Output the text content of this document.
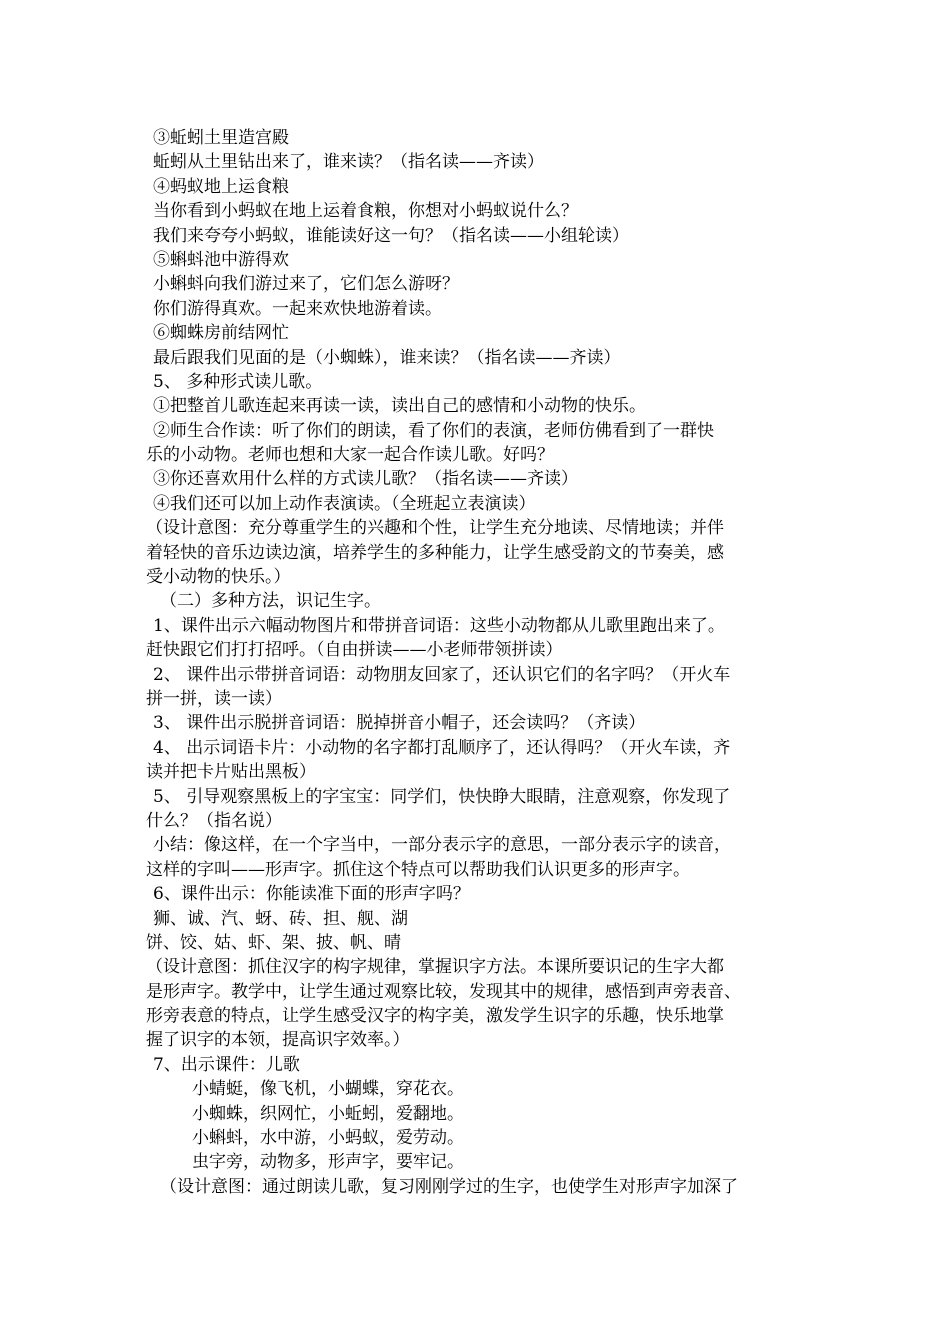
③蚯蚓土里造宫殿
蚯蚓从土里钻出来了，谁来读？（指名读——齐读）
④蚂蚁地上运食粮
当你看到小蚂蚁在地上运着食粮，你想对小蚂蚁说什么？
我们来夸夸小蚂蚁，谁能读好这一句？（指名读——小组轮读）
⑤蝌蚪池中游得欢
小蝌蚪向我们游过来了，它们怎么游呀？
你们游得真欢。一起来欢快地游着读。
⑥蜘蛛房前结网忙
最后跟我们见面的是（小蜘蛛），谁来读？（指名读——齐读）
5、 多种形式读儿歌。
①把整首儿歌连起来再读一读，读出自己的感情和小动物的快乐。
②师生合作读：听了你们的朗读，看了你们的表演，老师仿佛看到了一群快
乐的小动物。老师也想和大家一起合作读儿歌。好吗？
③你还喜欢用什么样的方式读儿歌？（指名读——齐读）
④我们还可以加上动作表演读。（全班起立表演读）
（设计意图：充分尊重学生的兴趣和个性，让学生充分地读、尽情地读；并伴
着轻快的音乐边读边演，培养学生的多种能力，让学生感受韵文的节奏美，感
受小动物的快乐。）
（二）多种方法，识记生字。
1、课件出示六幅动物图片和带拼音词语：这些小动物都从儿歌里跑出来了。
赶快跟它们打打招呼。（自由拼读——小老师带领拼读）
2、 课件出示带拼音词语：动物朋友回家了，还认识它们的名字吗？（开火车
拼一拼，读一读）
3、 课件出示脱拼音词语：脱掉拼音小帽子，还会读吗？（齐读）
4、 出示词语卡片：小动物的名字都打乱顺序了，还认得吗？（开火车读，齐
读并把卡片贴出黑板）
5、 引导观察黑板上的字宝宝：同学们，快快睁大眼睛，注意观察，你发现了
什么？（指名说）
小结：像这样，在一个字当中，一部分表示字的意思，一部分表示字的读音，
这样的字叫——形声字。抓住这个特点可以帮助我们认识更多的形声字。
6、课件出示：你能读准下面的形声字吗？
狮、诚、汽、蚜、砖、担、舰、湖
饼、饺、姑、虾、架、披、帆、晴
（设计意图：抓住汉字的构字规律，掌握识字方法。本课所要识记的生字大都
是形声字。教学中，让学生通过观察比较，发现其中的规律，感悟到声旁表音、
形旁表意的特点，让学生感受汉字的构字美，激发学生识字的乐趣，快乐地掌
握了识字的本领，提高识字效率。）
7、出示课件：儿歌
小蜻蜓，像飞机，小蝴蝶，穿花衣。
小蜘蛛，织网忙，小蚯蚓，爱翻地。
小蝌蚪，水中游，小蚂蚁，爱劳动。
虫字旁，动物多，形声字，要牢记。
（设计意图：通过朗读儿歌，复习刚刚学过的生字，也使学生对形声字加深了
